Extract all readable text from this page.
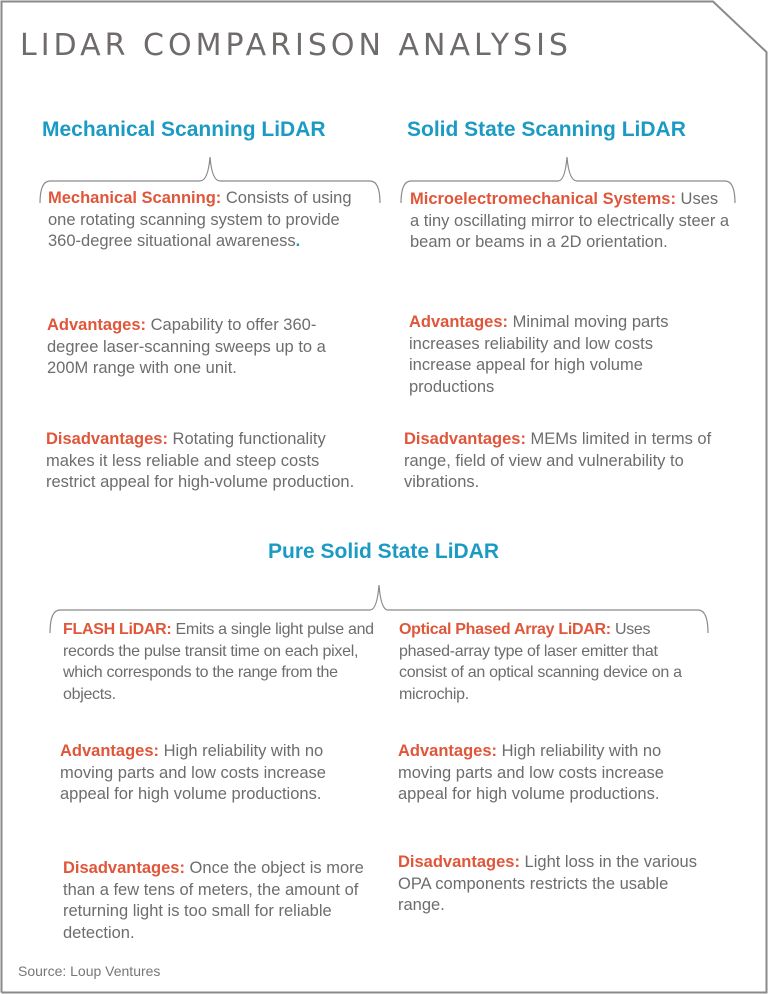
LIDAR COMPARISON ANALYSIS
Mechanical Scanning LiDAR	Solid State Scanning LiDAR
Mechanical Scanning: Consists of using one rotating scanning system to provide 360-degree situational awareness.
Advantages: Capability to offer 360-degree laser-scanning sweeps up to a 200M range with one unit.
Disadvantages: Rotating functionality makes it less reliable and steep costs restrict appeal for high-volume production.
Microelectromechanical Systems: Uses a tiny oscillating mirror to electrically steer a beam or beams in a 2D orientation.
Advantages: Minimal moving parts increases reliability and low costs increase appeal for high volume productions
Disadvantages: MEMs limited in terms of range, field of view and vulnerability to vibrations.
Pure Solid State LiDAR
FLASH LiDAR: Emits a single light pulse and records the pulse transit time on each pixel, which corresponds to the range from the objects.
Advantages: High reliability with no moving parts and low costs increase appeal for high volume productions.
Disadvantages: Once the object is more than a few tens of meters, the amount of returning light is too small for reliable detection.
Optical Phased Array LiDAR: Uses phased-array type of laser emitter that consist of an optical scanning device on a microchip.
Advantages: High reliability with no moving parts and low costs increase appeal for high volume productions.
Disadvantages: Light loss in the various OPA components restricts the usable range.
Source: Loup Ventures
